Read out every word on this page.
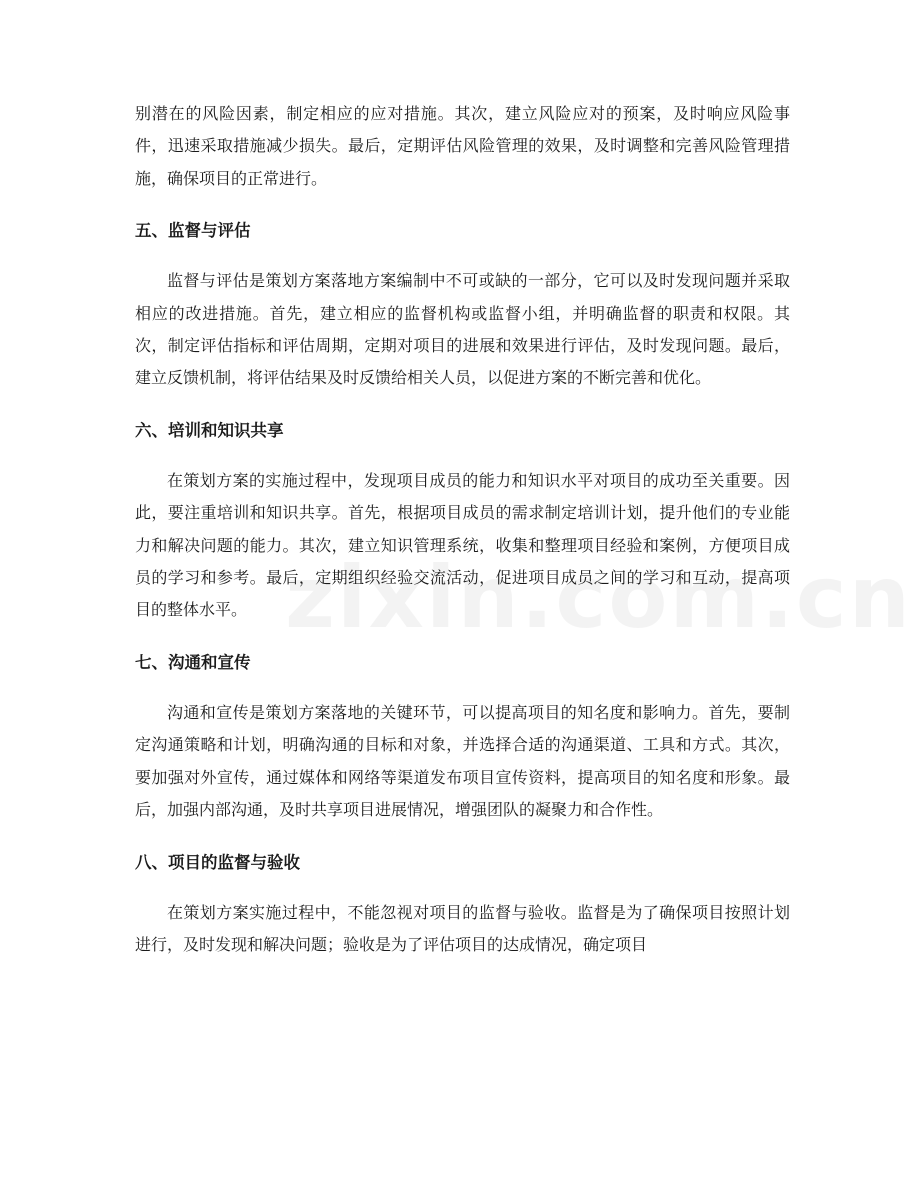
别潜在的风险因素，制定相应的应对措施。其次，建立风险应对的预案，及时响应风险事件，迅速采取措施减少损失。最后，定期评估风险管理的效果，及时调整和完善风险管理措施，确保项目的正常进行。

五、监督与评估

监督与评估是策划方案落地方案编制中不可或缺的一部分，它可以及时发现问题并采取相应的改进措施。首先，建立相应的监督机构或监督小组，并明确监督的职责和权限。其次，制定评估指标和评估周期，定期对项目的进展和效果进行评估，及时发现问题。最后，建立反馈机制，将评估结果及时反馈给相关人员，以促进方案的不断完善和优化。

六、培训和知识共享

在策划方案的实施过程中，发现项目成员的能力和知识水平对项目的成功至关重要。因此，要注重培训和知识共享。首先，根据项目成员的需求制定培训计划，提升他们的专业能力和解决问题的能力。其次，建立知识管理系统，收集和整理项目经验和案例，方便项目成员的学习和参考。最后，定期组织经验交流活动，促进项目成员之间的学习和互动，提高项目的整体水平。

七、沟通和宣传

沟通和宣传是策划方案落地的关键环节，可以提高项目的知名度和影响力。首先，要制定沟通策略和计划，明确沟通的目标和对象，并选择合适的沟通渠道、工具和方式。其次，要加强对外宣传，通过媒体和网络等渠道发布项目宣传资料，提高项目的知名度和形象。最后，加强内部沟通，及时共享项目进展情况，增强团队的凝聚力和合作性。

八、项目的监督与验收

在策划方案实施过程中，不能忽视对项目的监督与验收。监督是为了确保项目按照计划进行，及时发现和解决问题；验收是为了评估项目的达成情况，确定项目
